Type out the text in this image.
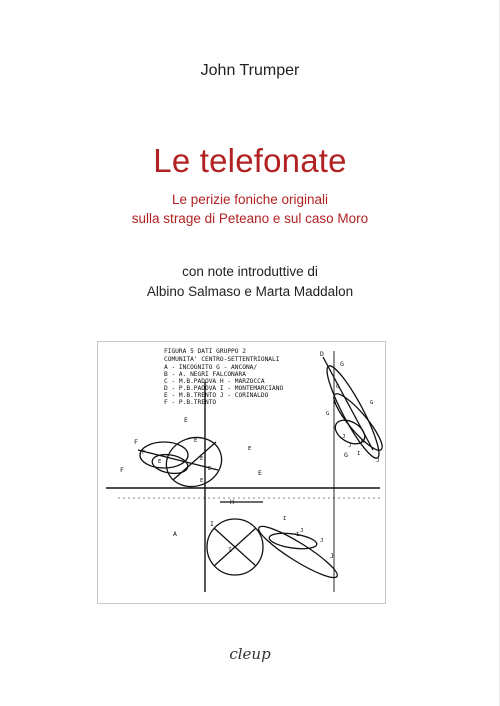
John Trumper
Le telefonate
Le perizie foniche originali
sulla strage di Peteano e sul caso Moro
con note introduttive di
Albino Salmaso e Marta Maddalon
FIGURA 5 DATI GRUPPO 2
COMUNITA' CENTRO-SETTENTRIONALI
A - INCOGNITO G - ANCONA/
B - A. NEGRI FALCONARA
C - M.B.PADOVA H - MARZOCCA
D - P.B.PADOVA I - MONTEMARCIANO
E - M.B.TRENTO J - CORINALDO
F - P.B.TRENTO
D
E
E
F
F
G
G
H
I
I
J
A
G
G
G
J
J
H
G
J
I
I
J
J
E
E
E
E
F
E
E
I
cleup
